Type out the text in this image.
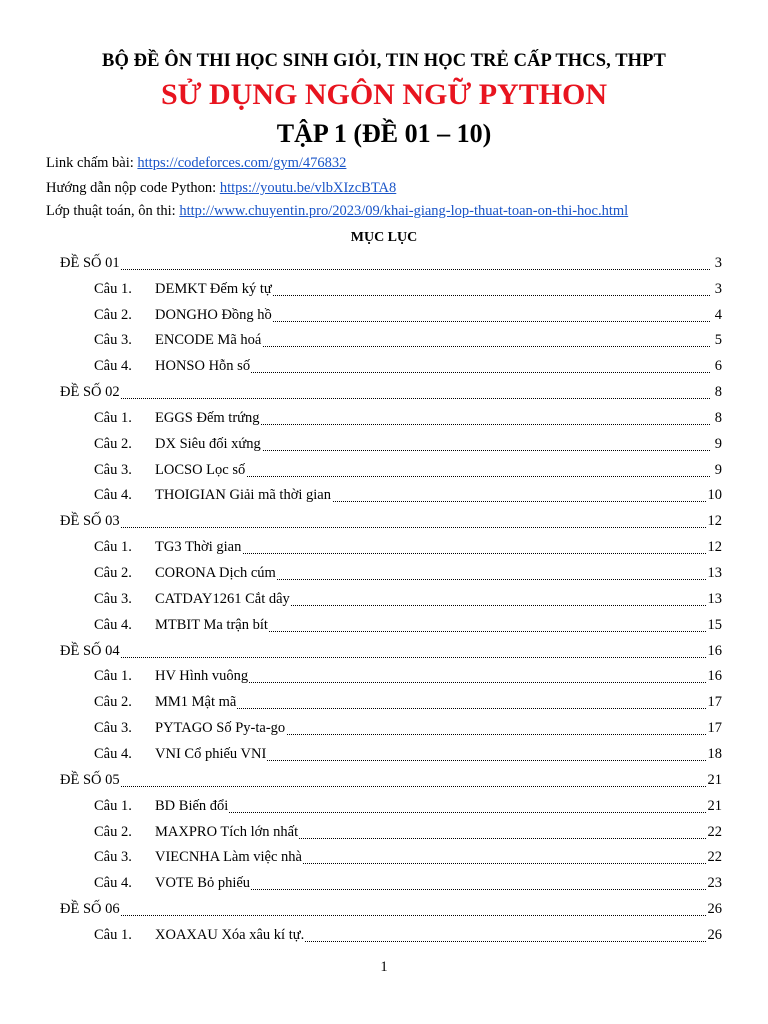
BỘ ĐỀ ÔN THI HỌC SINH GIỎI, TIN HỌC TRẺ CẤP THCS, THPT
SỬ DỤNG NGÔN NGỮ PYTHON
TẬP 1 (ĐỀ 01 – 10)
Link chấm bài: https://codeforces.com/gym/476832
Hướng dẫn nộp code Python: https://youtu.be/vlbXIzcBTA8
Lớp thuật toán, ôn thi: http://www.chuyentin.pro/2023/09/khai-giang-lop-thuat-toan-on-thi-hoc.html
MỤC LỤC
ĐỀ SỐ 01	3
Câu 1. DEMKT Đếm ký tự	3
Câu 2. DONGHO Đồng hồ	4
Câu 3. ENCODE Mã hoá	5
Câu 4. HONSO Hỗn số	6
ĐỀ SỐ 02	8
Câu 1. EGGS Đếm trứng	8
Câu 2. DX Siêu đối xứng	9
Câu 3. LOCSO Lọc số	9
Câu 4. THOIGIAN Giải mã thời gian	10
ĐỀ SỐ 03	12
Câu 1. TG3 Thời gian	12
Câu 2. CORONA Dịch cúm	13
Câu 3. CATDAY1261 Cắt dây	13
Câu 4. MTBIT Ma trận bít	15
ĐỀ SỐ 04	16
Câu 1. HV Hình vuông	16
Câu 2. MM1 Mật mã	17
Câu 3. PYTAGO Số Py-ta-go	17
Câu 4. VNI Cổ phiếu VNI	18
ĐỀ SỐ 05	21
Câu 1. BD Biến đổi	21
Câu 2. MAXPRO Tích lớn nhất	22
Câu 3. VIECNHA Làm việc nhà	22
Câu 4. VOTE Bỏ phiếu	23
ĐỀ SỐ 06	26
Câu 1. XOAXAU Xóa xâu kí tự.	26
1
